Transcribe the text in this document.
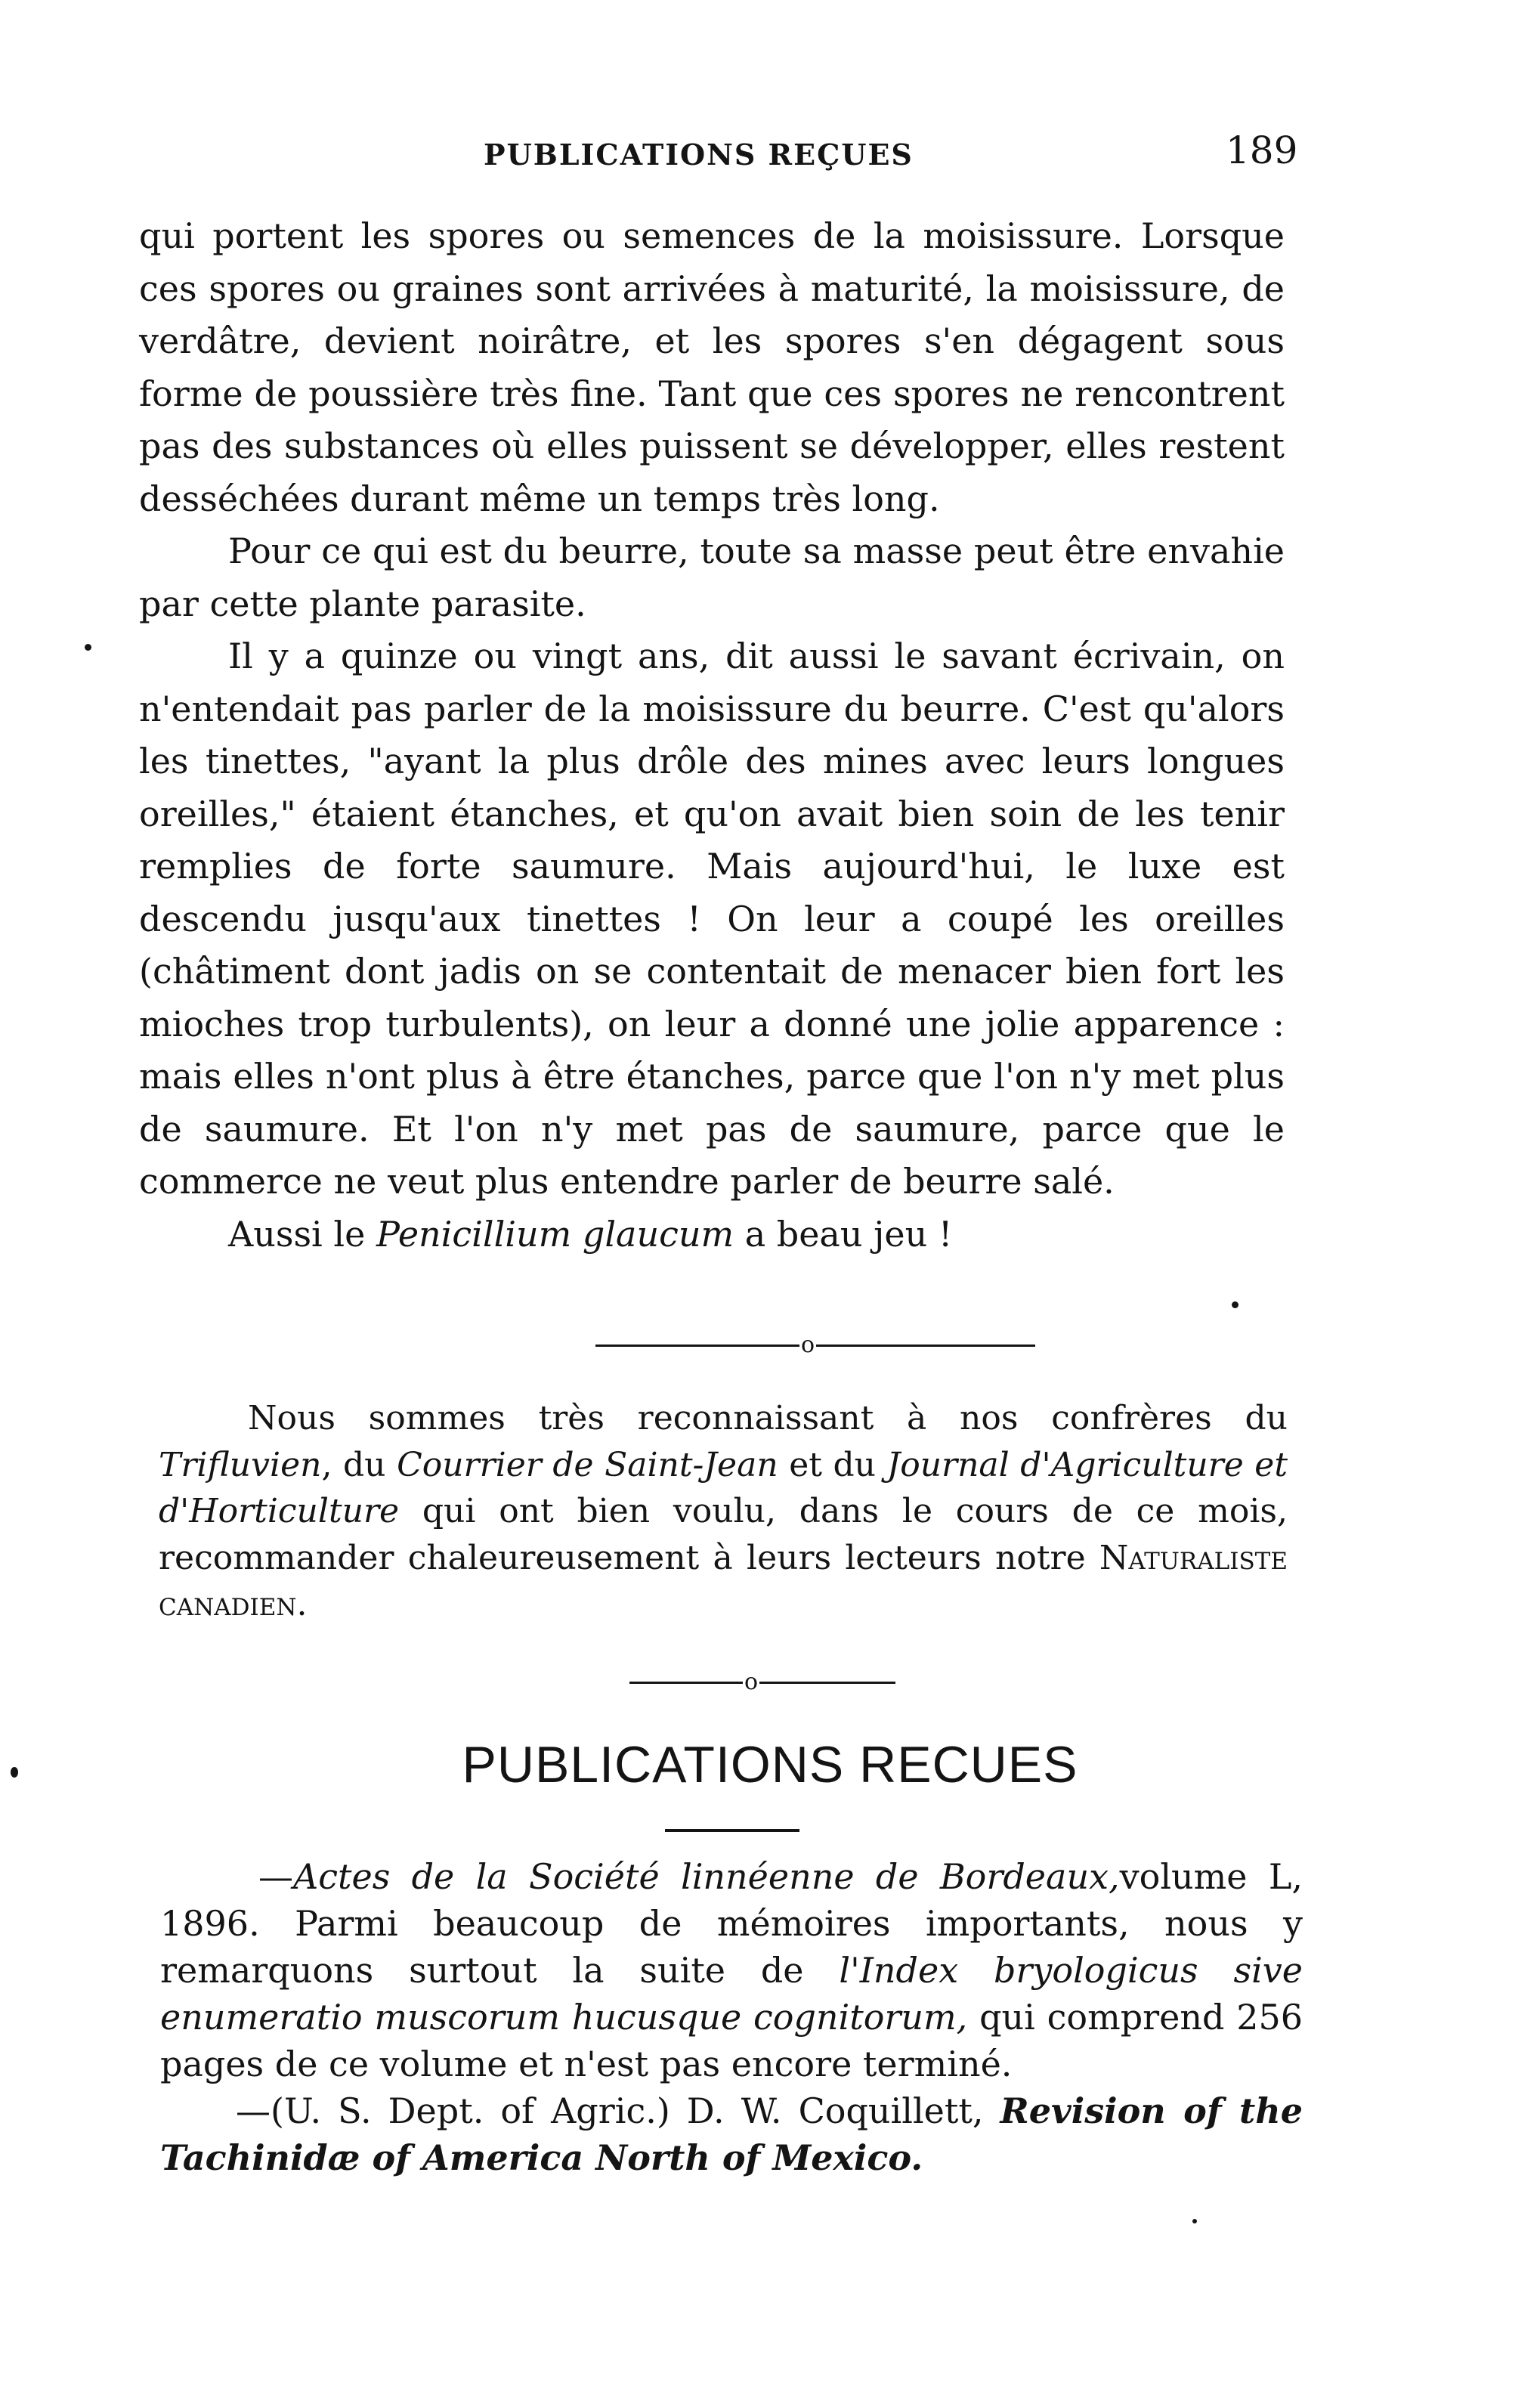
PUBLICATIONS REÇUES	189

qui portent les spores ou semences de la moisissure. Lorsque ces spores ou graines sont arrivées à maturité, la moisissure, de verdâtre, devient noirâtre, et les spores s'en dégagent sous forme de poussière très fine. Tant que ces spores ne rencontrent pas des substances où elles puissent se développer, elles restent desséchées durant même un temps très long.

Pour ce qui est du beurre, toute sa masse peut être envahie par cette plante parasite.

Il y a quinze ou vingt ans, dit aussi le savant écrivain, on n'entendait pas parler de la moisissure du beurre. C'est qu'alors les tinettes, "ayant la plus drôle des mines avec leurs longues oreilles," étaient étanches, et qu'on avait bien soin de les tenir remplies de forte saumure. Mais aujourd'hui, le luxe est descendu jusqu'aux tinettes ! On leur a coupé les oreilles (châtiment dont jadis on se contentait de menacer bien fort les mioches trop turbulents), on leur a donné une jolie apparence : mais elles n'ont plus à être étanches, parce que l'on n'y met plus de saumure. Et l'on n'y met pas de saumure, parce que le commerce ne veut plus entendre parler de beurre salé.

Aussi le Penicillium glaucum a beau jeu !

o

Nous sommes très reconnaissant à nos confrères du Trifluvien, du Courrier de Saint-Jean et du Journal d'Agriculture et d'Horticulture qui ont bien voulu, dans le cours de ce mois, recommander chaleureusement à leurs lecteurs notre Naturaliste canadien.

o
PUBLICATIONS RECUES

—Actes de la Société linnéenne de Bordeaux,volume L, 1896. Parmi beaucoup de mémoires importants, nous y remarquons surtout la suite de l'Index bryologicus sive enumeratio muscorum hucusque cognitorum, qui comprend 256 pages de ce volume et n'est pas encore terminé.

—(U. S. Dept. of Agric.) D. W. Coquillett, Revision of the Tachinidæ of America North of Mexico.
